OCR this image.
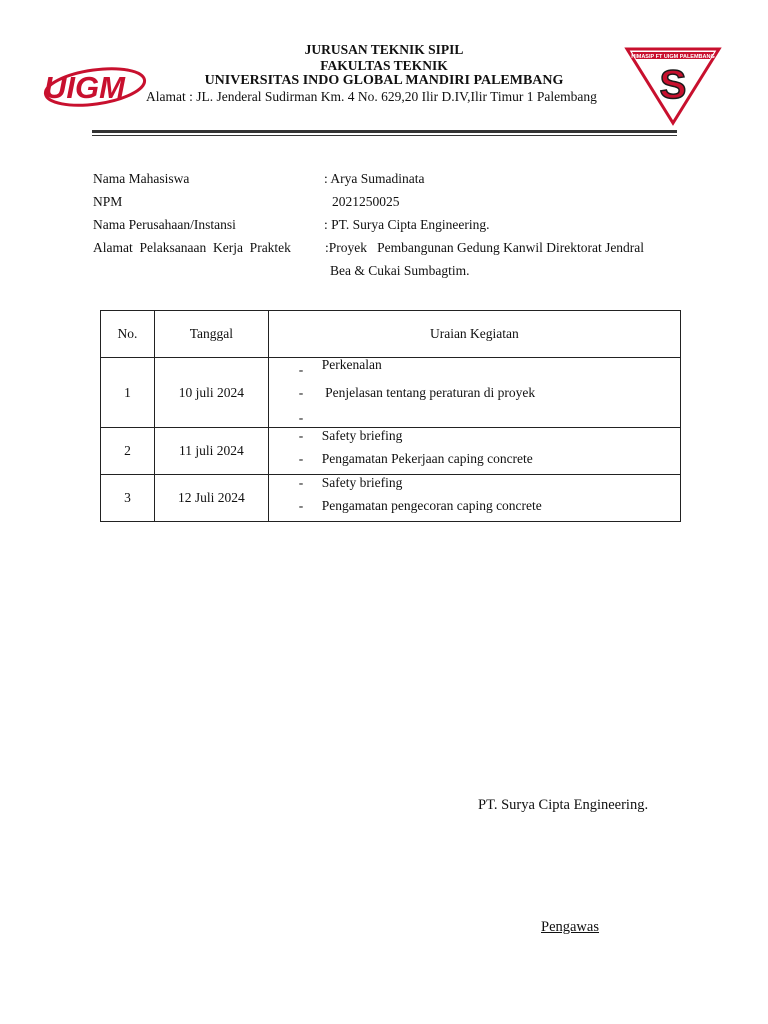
UIGM
JURUSAN TEKNIK SIPIL
FAKULTAS TEKNIK
UNIVERSITAS INDO GLOBAL MANDIRI PALEMBANG
Alamat : JL. Jenderal Sudirman Km. 4 No. 629,20 Ilir D.IV,Ilir Timur 1 Palembang
HIMASIP FT UIGM PALEMBANG
S
Nama Mahasiswa	: Arya Sumadinata
NPM	2021250025
Nama Perusahaan/Instansi	: PT. Surya Cipta Engineering.
Alamat  Pelaksanaan  Kerja  Praktek	:Proyek   Pembangunan Gedung Kanwil Direktorat Jendral
Bea & Cukai Sumbagtim.
No.	Tanggal	Uraian Kegiatan
1	10 juli 2024	- Perkenalan
- Penjelasan tentang peraturan di proyek
-

2	11 juli 2024	- Safety briefing
- Pengamatan Pekerjaan caping concrete

3	12 Juli 2024	- Safety briefing
- Pengamatan pengecoran caping concrete
PT. Surya Cipta Engineering.
Pengawas
